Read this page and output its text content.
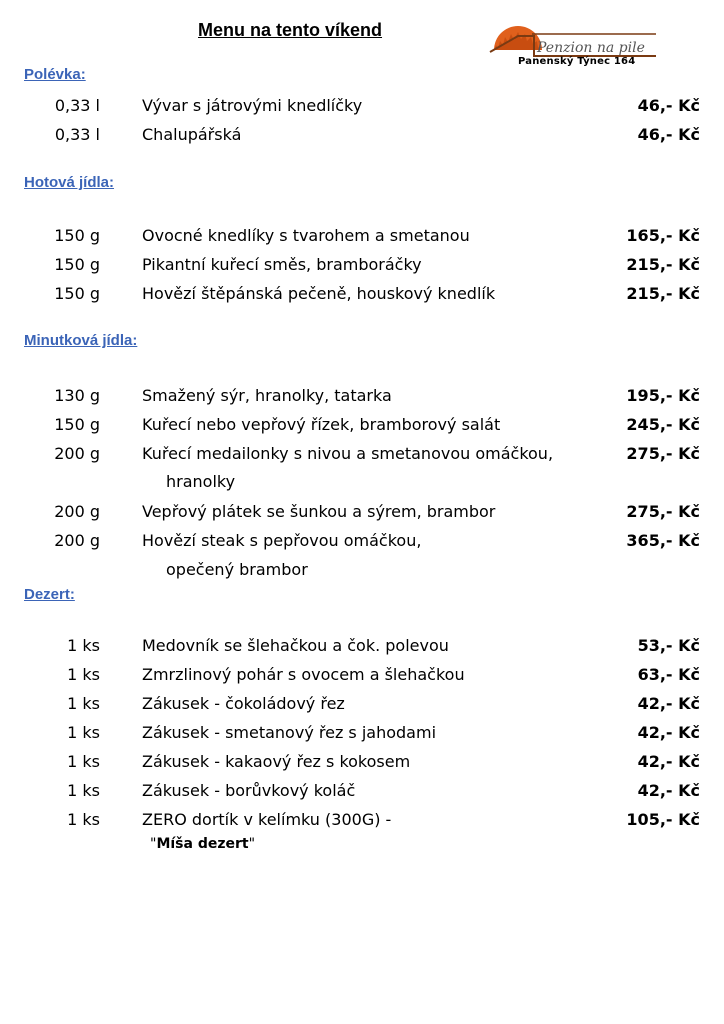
Menu na tento víkend
Penzion na pile
Panenský Týnec 164
Polévka:
0,33 l	Vývar s játrovými knedlíčky	46,- Kč
0,33 l	Chalupářská	46,- Kč
Hotová jídla:
150 g	Ovocné knedlíky s tvarohem a smetanou	165,- Kč
150 g	Pikantní kuřecí směs, bramboráčky	215,- Kč
150 g	Hovězí štěpánská pečeně, houskový knedlík	215,- Kč
Minutková jídla:
130 g	Smažený sýr, hranolky, tatarka	195,- Kč
150 g	Kuřecí nebo vepřový řízek, bramborový salát	245,- Kč
200 g	Kuřecí medailonky s nivou a smetanovou omáčkou,	275,- Kč
hranolky
200 g	Vepřový plátek se šunkou a sýrem, brambor	275,- Kč
200 g	Hovězí steak s pepřovou omáčkou,	365,- Kč
opečený brambor
Dezert:
1 ks	Medovník se šlehačkou a čok. polevou	53,- Kč
1 ks	Zmrzlinový pohár s ovocem a šlehačkou	63,- Kč
1 ks	Zákusek - čokoládový řez	42,- Kč
1 ks	Zákusek - smetanový řez s jahodami	42,- Kč
1 ks	Zákusek - kakaový řez s kokosem	42,- Kč
1 ks	Zákusek - borůvkový koláč	42,- Kč
1 ks	ZERO dortík v kelímku (300G) -	105,- Kč
"Míša dezert"
